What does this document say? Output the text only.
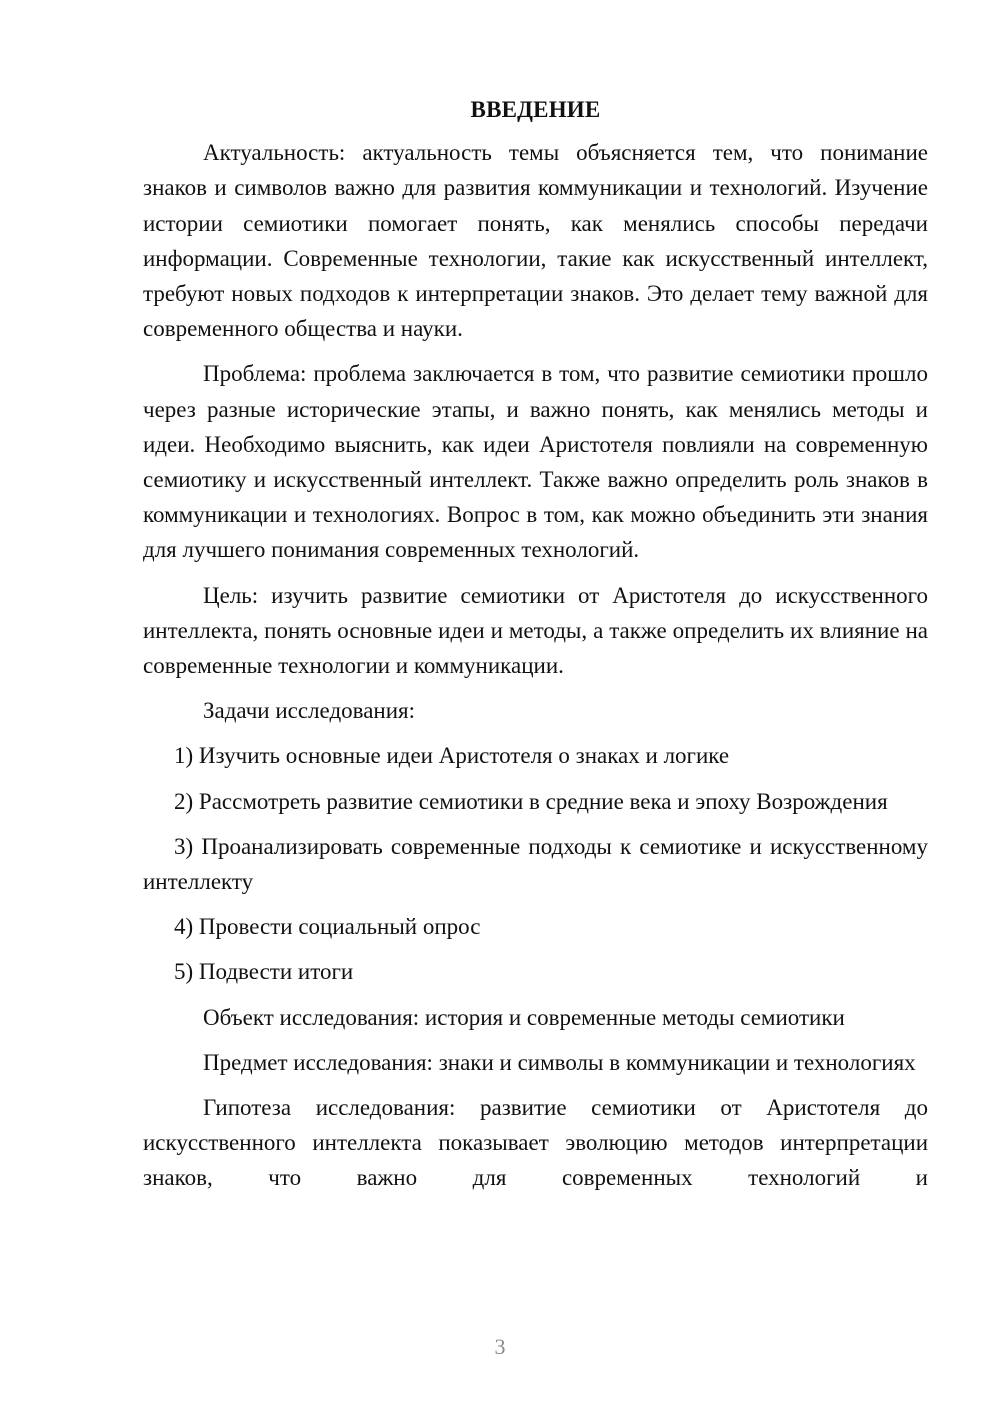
ВВЕДЕНИЕ

Актуальность: актуальность темы объясняется тем, что понимание знаков и символов важно для развития коммуникации и технологий. Изучение истории семиотики помогает понять, как менялись способы передачи информации. Современные технологии, такие как искусственный интеллект, требуют новых подходов к интерпретации знаков. Это делает тему важной для современного общества и науки.

Проблема: проблема заключается в том, что развитие семиотики прошло через разные исторические этапы, и важно понять, как менялись методы и идеи. Необходимо выяснить, как идеи Аристотеля повлияли на современную семиотику и искусственный интеллект. Также важно определить роль знаков в коммуникации и технологиях. Вопрос в том, как можно объединить эти знания для лучшего понимания современных технологий.

Цель: изучить развитие семиотики от Аристотеля до искусственного интеллекта, понять основные идеи и методы, а также определить их влияние на современные технологии и коммуникации.

Задачи исследования:

1) Изучить основные идеи Аристотеля о знаках и логике

2) Рассмотреть развитие семиотики в средние века и эпоху Возрождения

3) Проанализировать современные подходы к семиотике и искусственному интеллекту

4) Провести социальный опрос

5) Подвести итоги

Объект исследования: история и современные методы семиотики

Предмет исследования: знаки и символы в коммуникации и технологиях

Гипотеза исследования: развитие семиотики от Аристотеля до искусственного интеллекта показывает эволюцию методов интерпретации знаков, что важно для современных технологий и

3
